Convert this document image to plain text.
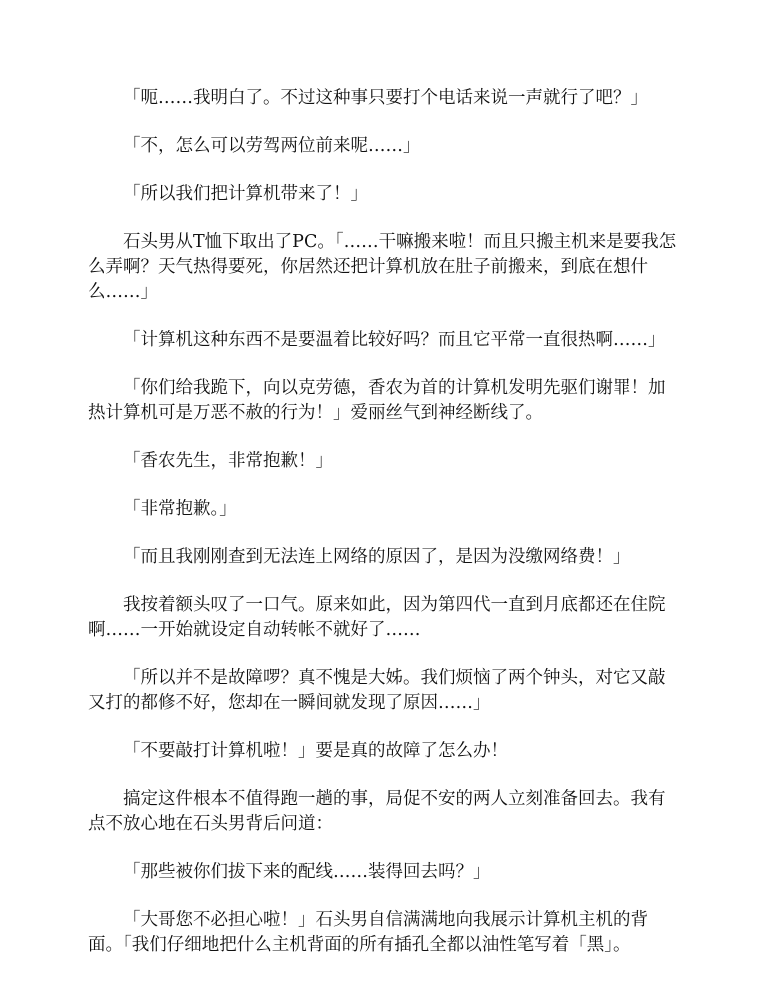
「呃……我明白了。不过这种事只要打个电话来说一声就行了吧？」

「不，怎么可以劳驾两位前来呢……」

「所以我们把计算机带来了！」

石头男从T恤下取出了PC。「……干嘛搬来啦！而且只搬主机来是要我怎么弄啊？天气热得要死，你居然还把计算机放在肚子前搬来，到底在想什么……」

「计算机这种东西不是要温着比较好吗？而且它平常一直很热啊……」

「你们给我跪下，向以克劳德，香农为首的计算机发明先驱们谢罪！加热计算机可是万恶不赦的行为！」爱丽丝气到神经断线了。

「香农先生，非常抱歉！」

「非常抱歉。」

「而且我刚刚查到无法连上网络的原因了，是因为没缴网络费！」

我按着额头叹了一口气。原来如此，因为第四代一直到月底都还在住院啊……一开始就设定自动转帐不就好了……

「所以并不是故障啰？真不愧是大姊。我们烦恼了两个钟头，对它又敲又打的都修不好，您却在一瞬间就发现了原因……」

「不要敲打计算机啦！」要是真的故障了怎么办！

搞定这件根本不值得跑一趟的事，局促不安的两人立刻准备回去。我有点不放心地在石头男背后问道：

「那些被你们拔下来的配线……装得回去吗？」

「大哥您不必担心啦！」石头男自信满满地向我展示计算机主机的背面。「我们仔细地把什么主机背面的所有插孔全都以油性笔写着「黑」。
